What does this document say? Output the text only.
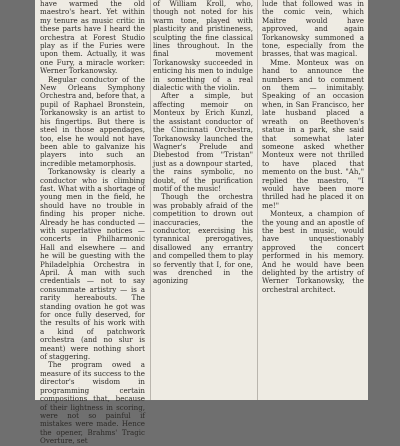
have warmed the old maestro's heart. Yet within my tenure as music critic in these parts have I heard the orchestra at Forest Studio play as if the Furies were upon them. Actually, it was one Fury, a miracle worker: Werner Torkanowsky.

Regular conductor of the New Orleans Symphony Orchestra and, before that, a pupil of Raphael Bronstein, Torkanowsky is an artist to his fingertips. But there is steel in those appendages, too, else he would not have been able to galvanize his players into such an incredible metamorphosis.

Torkanowsky is clearly a conductor who is climbing fast. What with a shortage of young men in the field, he should have no trouble in finding his proper niche. Already he has conducted — with superlative notices — concerts in Philharmonic Hall and elsewhere — and he will be guesting with the Philadelphia Orchestra in April. A man with such credentials — not to say consummate artistry — is a rarity hereabouts. The standing ovation he got was for once fully deserved, for the results of his work with a kind of patchwork orchestra (and no slur is meant) were nothing short of staggering.

The program owed a measure of its success to the director's wisdom in programming certain compositions that, because of their lightness in scoring, were not so painful if mistakes were made. Hence the opener, Brahms' Tragic Overture, set

of William Kroll, who, though not noted for his warm tone, played with plasticity and pristineness, sculpting the fine classical lines throughout. In the final movement Torkanowsky succeeded in enticing his men to indulge in something of a real dialectic with the violin.

After a simple, but affecting memoir on Monteux by Erich Kunzl, the assistant conductor of the Cincinnati Orchestra, Torkanowsky launched the Wagner's Prelude and Diebestod from "Tristan" just as a downpour started, the rains symbolic, no doubt, of the purification motif of the music!

Though the orchestra was probably afraid of the competition to drown out inaccuracies, the conductor, exercising his tyrannical prerogatives, disallowed any errantry and compelled them to play so fervently that I, for one, was drenched in the agonizing

lude that followed was in the comic vein, which Maitre would have approved, and again Torkanowsky summoned a tone, especially from the brasses, that was magical.

Mme. Monteux was on hand to announce the numbers and to comment on them — inimitably. Speaking of an occasion when, in San Francisco, her late husband placed a wreath on Beethoven's statue in a park, she said that somewhat later someone asked whether Monteux were not thrilled to have placed that memento on the bust. "Ah," replied the maestro, "I would have been more thrilled had he placed it on me!"

Monteux, a champion of the young and an apostle of the best in music, would have unquestionably approved the concert performed in his memory. And he would have been delighted by the artistry of Werner Torkanowsky, the orchestral architect.
